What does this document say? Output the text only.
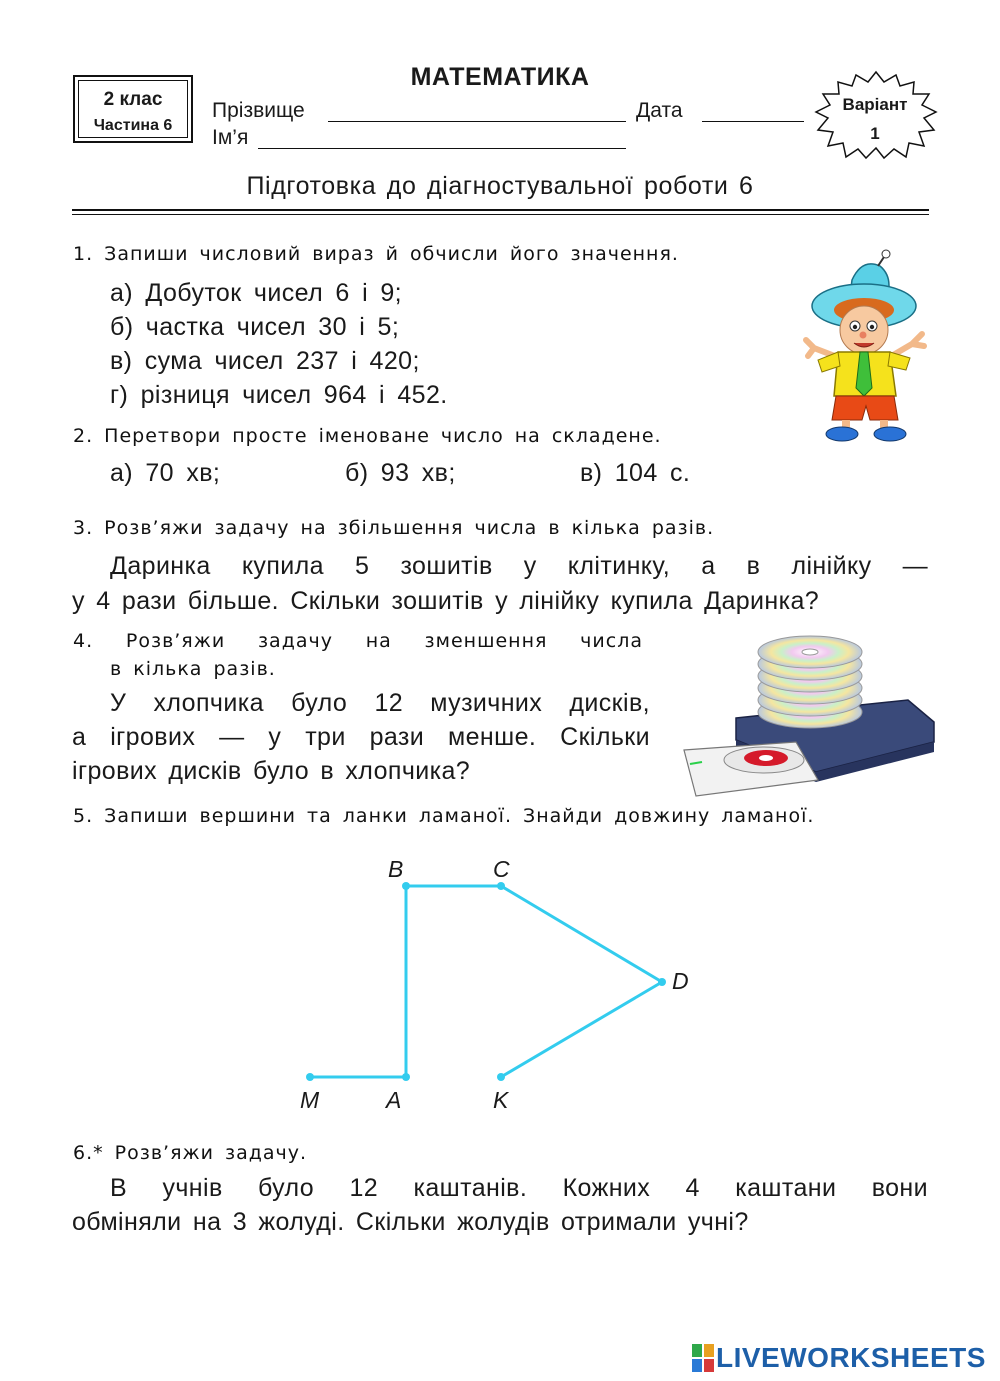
2 клас
Частина 6
МАТЕМАТИКА
Прізвище	Дата
Ім’я
Варіант
1
Підготовка до діагностувальної роботи 6
1. Запиши числовий вираз й обчисли його значення.
а) Добуток чисел 6 і 9;
б) частка чисел 30 і 5;
в) сума чисел 237 і 420;
г) різниця чисел 964 і 452.
2. Перетвори просте іменоване число на складене.
а) 70 хв;	б) 93 хв;	в) 104 с.
3. Розв’яжи задачу на збільшення числа в кілька разів.
Даринка купила 5 зошитів у клітинку, а в лінійку —
у 4 рази більше. Скільки зошитів у лінійку купила Даринка?
4. Розв’яжи задачу на зменшення числа
в кілька разів.
У хлопчика було 12 музичних дисків,
а ігрових — у три рази менше. Скільки
ігрових дисків було в хлопчика?
5. Запиши вершини та ланки ламаної. Знайди довжину ламаної.
B	C
D
M	A	K
6.* Розв’яжи задачу.
В учнів було 12 каштанів. Кожних 4 каштани вони
обміняли на 3 жолуді. Скільки жолудів отримали учні?
LIVEWORKSHEETS
